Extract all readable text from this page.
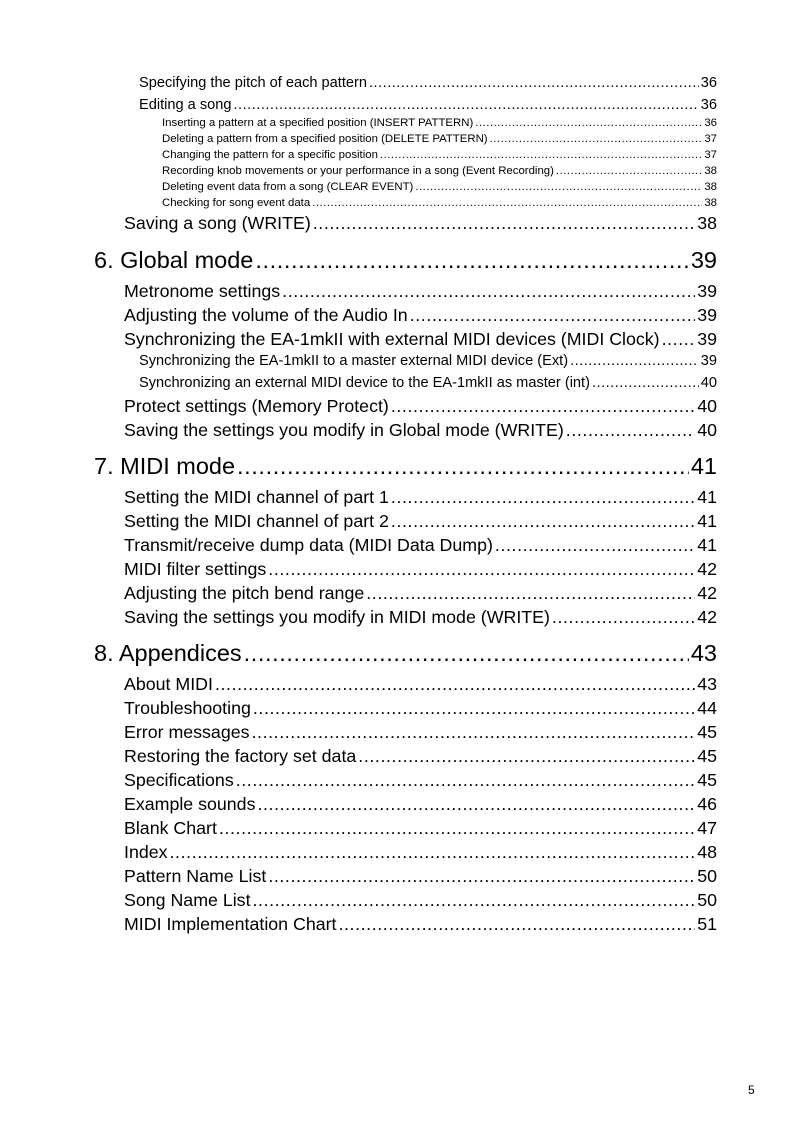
Specifying the pitch of each pattern .....	36
Editing a song .....	36
Inserting a pattern at a specified position (INSERT PATTERN) .....	36
Deleting a pattern from a specified position (DELETE PATTERN) .....	37
Changing the pattern for a specific position .....	37
Recording knob movements or your performance in a song (Event Recording) .....	38
Deleting event data from a song (CLEAR EVENT) .....	38
Checking for song event data .....	38
Saving a song (WRITE) .....	38
6. Global mode .....	39
Metronome settings .....	39
Adjusting the volume of the Audio In .....	39
Synchronizing the EA-1mkII with external MIDI devices (MIDI Clock) ..... 39
Synchronizing the EA-1mkII to a master external MIDI device (Ext) .....	39
Synchronizing an external MIDI device to the EA-1mkII as master (int) .....	40
Protect settings (Memory Protect) .....	40
Saving the settings you modify in Global mode (WRITE) .....	40
7. MIDI mode .....	41
Setting the MIDI channel of part 1 .....	41
Setting the MIDI channel of part 2 .....	41
Transmit/receive dump data (MIDI Data Dump) .....	41
MIDI filter settings .....	42
Adjusting the pitch bend range .....	42
Saving the settings you modify in MIDI mode (WRITE) .....	42
8. Appendices .....	43
About MIDI .....	43
Troubleshooting .....	44
Error messages .....	45
Restoring the factory set data .....	45
Specifications .....	45
Example sounds .....	46
Blank Chart .....	47
Index .....	48
Pattern Name List .....	50
Song Name List .....	50
MIDI Implementation Chart .....	51
5
